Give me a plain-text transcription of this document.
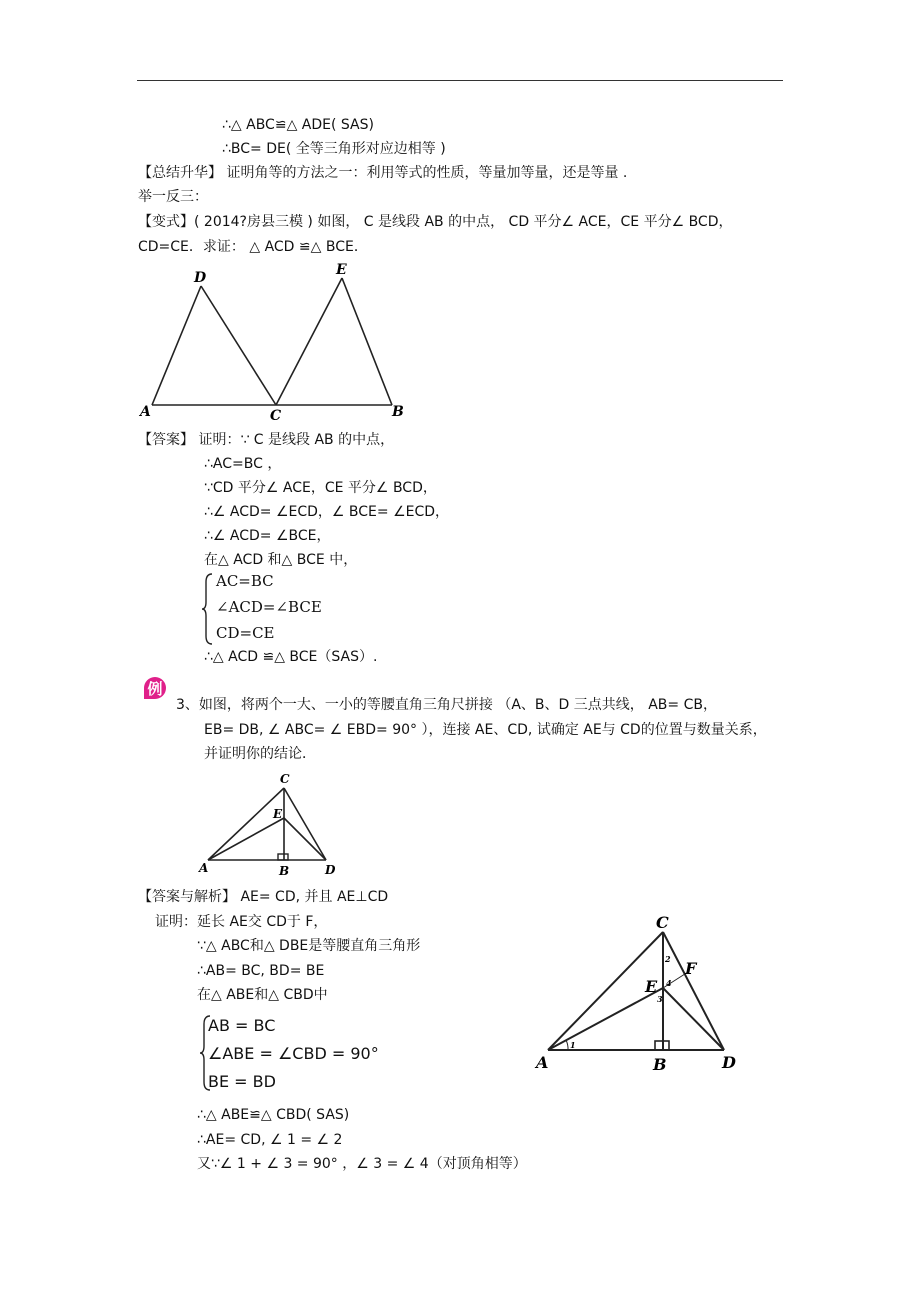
∴△ ABC≌△ ADE( SAS)
∴BC= DE( 全等三角形对应边相等 )
【总结升华】 证明角等的方法之一：利用等式的性质，等量加等量，还是等量 .
举一反三：
【变式】( 2014?房县三模 ) 如图， C 是线段 AB 的中点， CD 平分∠ ACE，CE 平分∠ BCD，
CD=CE．求证： △ ACD ≌△ BCE．
A	C	B
D	E
【答案】 证明：∵ C 是线段 AB 的中点，
∴AC=BC ，
∵CD 平分∠ ACE，CE 平分∠ BCD，
∴∠ ACD= ∠ECD，∠ BCE= ∠ECD，
∴∠ ACD= ∠BCE，
在△ ACD 和△ BCE 中，
AC=BC
∠ACD=∠BCE
CD=CE
∴△ ACD ≌△ BCE（SAS）.
例
3、如图，将两个一大、一小的等腰直角三角尺拼接 （A、B、D 三点共线， AB= CB，
EB= DB, ∠ ABC= ∠ EBD= 90° ），连接 AE、CD, 试确定 AE与 CD的位置与数量关系，
并证明你的结论．
C
E
A	B	D
【答案与解析】 AE= CD, 并且 AE⊥CD
证明：延长 AE交 CD于 F，
∵△ ABC和△ DBE是等腰直角三角形
∴AB= BC, BD= BE
在△ ABE和△ CBD中
AB = BC
∠ABE = ∠CBD = 90°
BE = BD
∴△ ABE≌△ CBD( SAS)
∴AE= CD, ∠ 1 = ∠ 2
又∵∠ 1 + ∠ 3 = 90° ，∠ 3 = ∠ 4（对顶角相等）
C
E
F
A	B	D
1
2
3
4
